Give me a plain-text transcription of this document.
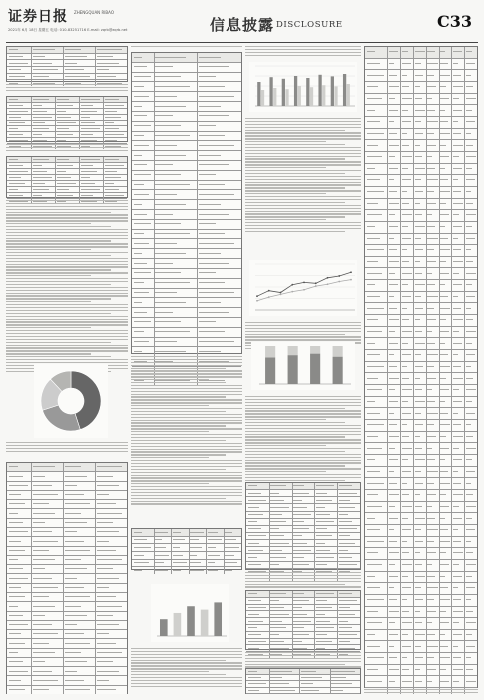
证券日报 ZHENGQUAN RIBAO
2021年 6月 18日 星期五 电话: 010-83251716 E-mail: zqrb@zqrb.net	信息披露 DISCLOSURE	C33
